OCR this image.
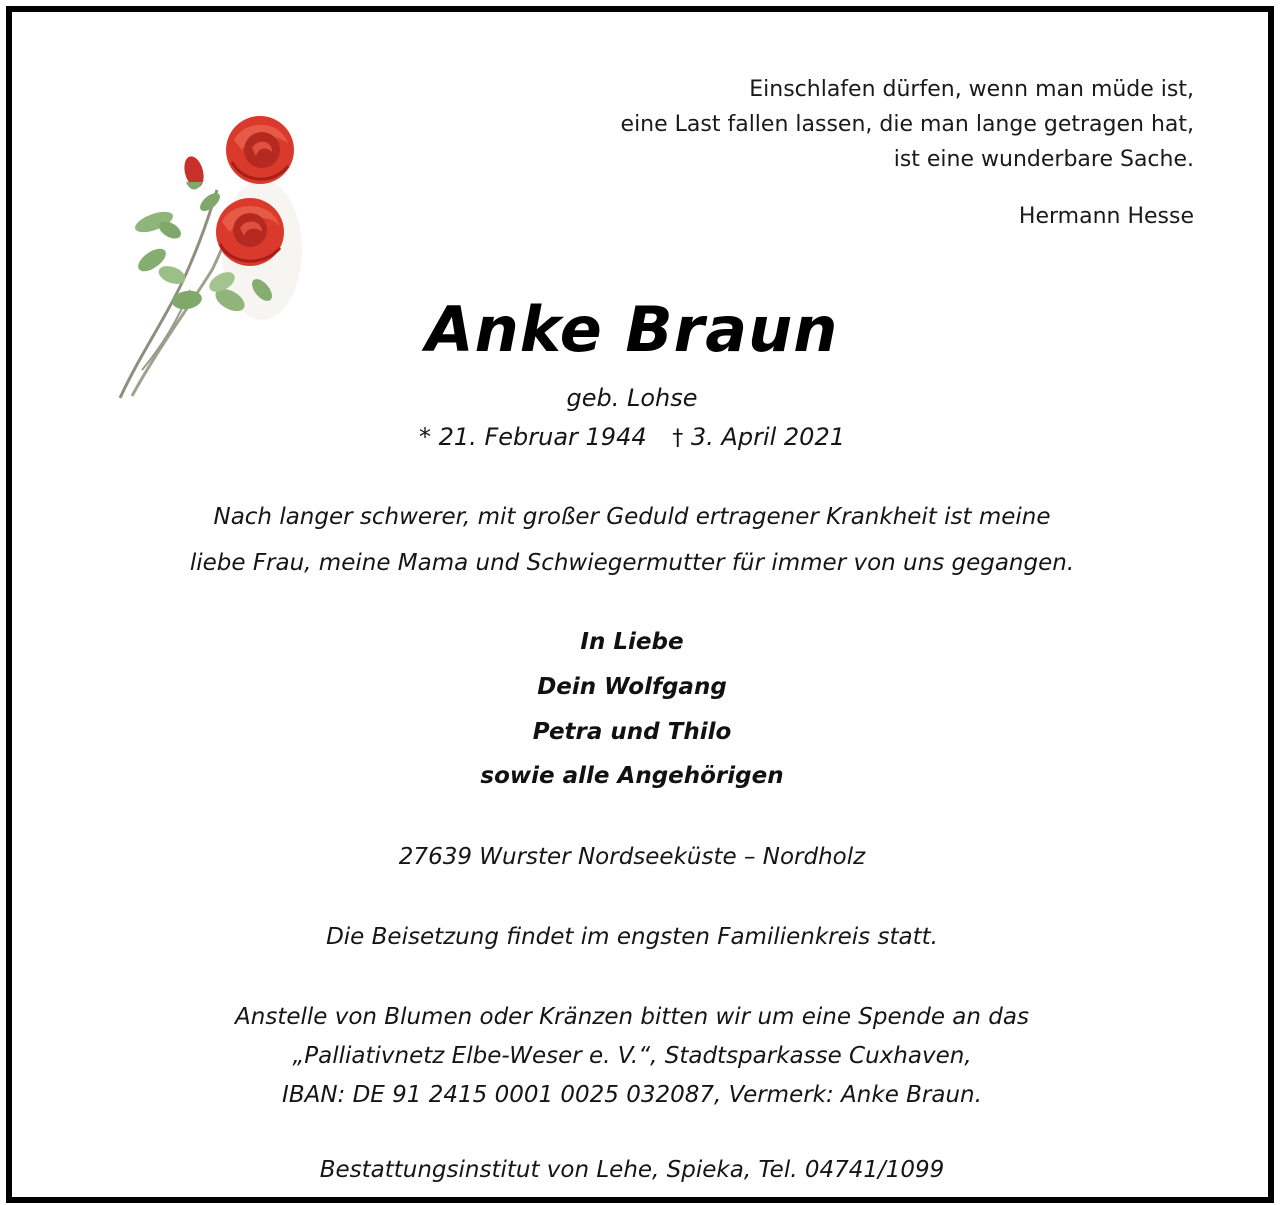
Einschlafen dürfen, wenn man müde ist,
eine Last fallen lassen, die man lange getragen hat,
ist eine wunderbare Sache.
Hermann Hesse
Anke Braun
geb. Lohse
* 21. Februar 1944 † 3. April 2021
Nach langer schwerer, mit großer Geduld ertragener Krankheit ist meine
liebe Frau, meine Mama und Schwiegermutter für immer von uns gegangen.
In Liebe
Dein Wolfgang
Petra und Thilo
sowie alle Angehörigen
27639 Wurster Nordseeküste – Nordholz
Die Beisetzung findet im engsten Familienkreis statt.
Anstelle von Blumen oder Kränzen bitten wir um eine Spende an das
„Palliativnetz Elbe-Weser e. V.“, Stadtsparkasse Cuxhaven,
IBAN: DE 91 2415 0001 0025 032087, Vermerk: Anke Braun.
Bestattungsinstitut von Lehe, Spieka, Tel. 04741/1099
